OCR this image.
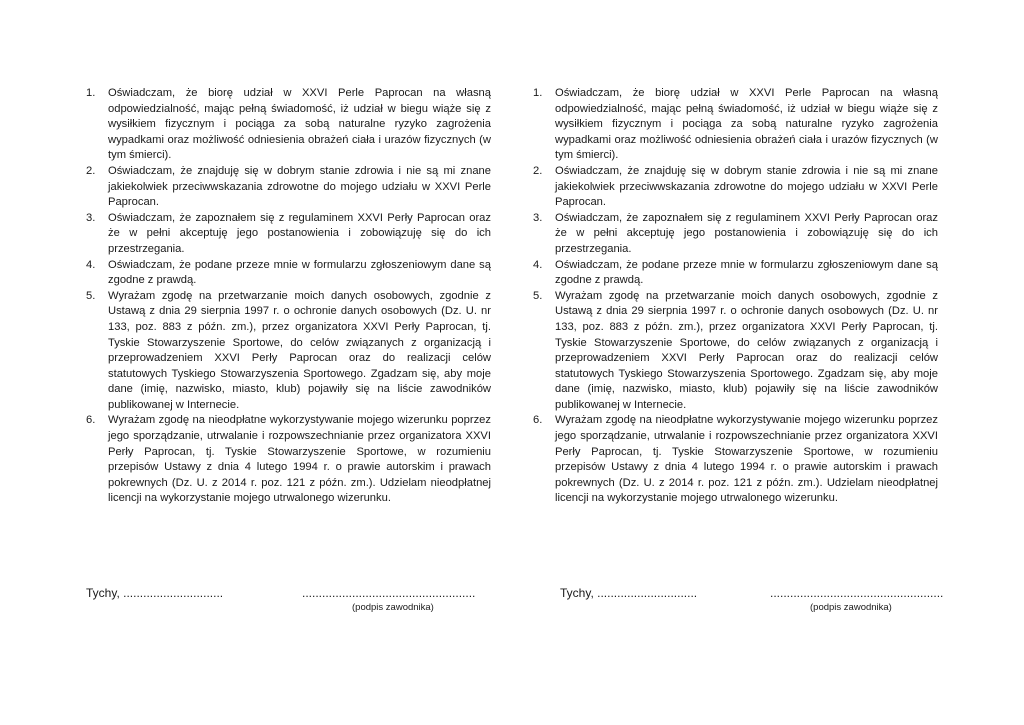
1. Oświadczam, że biorę udział w XXVI Perle Paprocan na własną odpowiedzialność, mając pełną świadomość, iż udział w biegu wiąże się z wysiłkiem fizycznym i pociąga za sobą naturalne ryzyko zagrożenia wypadkami oraz możliwość odniesienia obrażeń ciała i urazów fizycznych (w tym śmierci).
2. Oświadczam, że znajduję się w dobrym stanie zdrowia i nie są mi znane jakiekolwiek przeciwwskazania zdrowotne do mojego udziału w XXVI Perle Paprocan.
3. Oświadczam, że zapoznałem się z regulaminem XXVI Perły Paprocan oraz że w pełni akceptuję jego postanowienia i zobowiązuję się do ich przestrzegania.
4. Oświadczam, że podane przeze mnie w formularzu zgłoszeniowym dane są zgodne z prawdą.
5. Wyrażam zgodę na przetwarzanie moich danych osobowych, zgodnie z Ustawą z dnia 29 sierpnia 1997 r. o ochronie danych osobowych (Dz. U. nr 133, poz. 883 z późn. zm.), przez organizatora XXVI Perły Paprocan, tj. Tyskie Stowarzyszenie Sportowe, do celów związanych z organizacją i przeprowadzeniem XXVI Perły Paprocan oraz do realizacji celów statutowych Tyskiego Stowarzyszenia Sportowego. Zgadzam się, aby moje dane (imię, nazwisko, miasto, klub) pojawiły się na liście zawodników publikowanej w Internecie.
6. Wyrażam zgodę na nieodpłatne wykorzystywanie mojego wizerunku poprzez jego sporządzanie, utrwalanie i rozpowszechnianie przez organizatora XXVI Perły Paprocan, tj. Tyskie Stowarzyszenie Sportowe, w rozumieniu przepisów Ustawy z dnia 4 lutego 1994 r. o prawie autorskim i prawach pokrewnych (Dz. U. z 2014 r. poz. 121 z późn. zm.). Udzielam nieodpłatnej licencji na wykorzystanie mojego utrwalonego wizerunku.
1. Oświadczam, że biorę udział w XXVI Perle Paprocan na własną odpowiedzialność, mając pełną świadomość, iż udział w biegu wiąże się z wysiłkiem fizycznym i pociąga za sobą naturalne ryzyko zagrożenia wypadkami oraz możliwość odniesienia obrażeń ciała i urazów fizycznych (w tym śmierci).
2. Oświadczam, że znajduję się w dobrym stanie zdrowia i nie są mi znane jakiekolwiek przeciwwskazania zdrowotne do mojego udziału w XXVI Perle Paprocan.
3. Oświadczam, że zapoznałem się z regulaminem XXVI Perły Paprocan oraz że w pełni akceptuję jego postanowienia i zobowiązuję się do ich przestrzegania.
4. Oświadczam, że podane przeze mnie w formularzu zgłoszeniowym dane są zgodne z prawdą.
5. Wyrażam zgodę na przetwarzanie moich danych osobowych, zgodnie z Ustawą z dnia 29 sierpnia 1997 r. o ochronie danych osobowych (Dz. U. nr 133, poz. 883 z późn. zm.), przez organizatora XXVI Perły Paprocan, tj. Tyskie Stowarzyszenie Sportowe, do celów związanych z organizacją i przeprowadzeniem XXVI Perły Paprocan oraz do realizacji celów statutowych Tyskiego Stowarzyszenia Sportowego. Zgadzam się, aby moje dane (imię, nazwisko, miasto, klub) pojawiły się na liście zawodników publikowanej w Internecie.
6. Wyrażam zgodę na nieodpłatne wykorzystywanie mojego wizerunku poprzez jego sporządzanie, utrwalanie i rozpowszechnianie przez organizatora XXVI Perły Paprocan, tj. Tyskie Stowarzyszenie Sportowe, w rozumieniu przepisów Ustawy z dnia 4 lutego 1994 r. o prawie autorskim i prawach pokrewnych (Dz. U. z 2014 r. poz. 121 z późn. zm.). Udzielam nieodpłatnej licencji na wykorzystanie mojego utrwalonego wizerunku.
Tychy, ..............................	....................................................
(podpis zawodnika)
Tychy, ..............................	....................................................
(podpis zawodnika)
